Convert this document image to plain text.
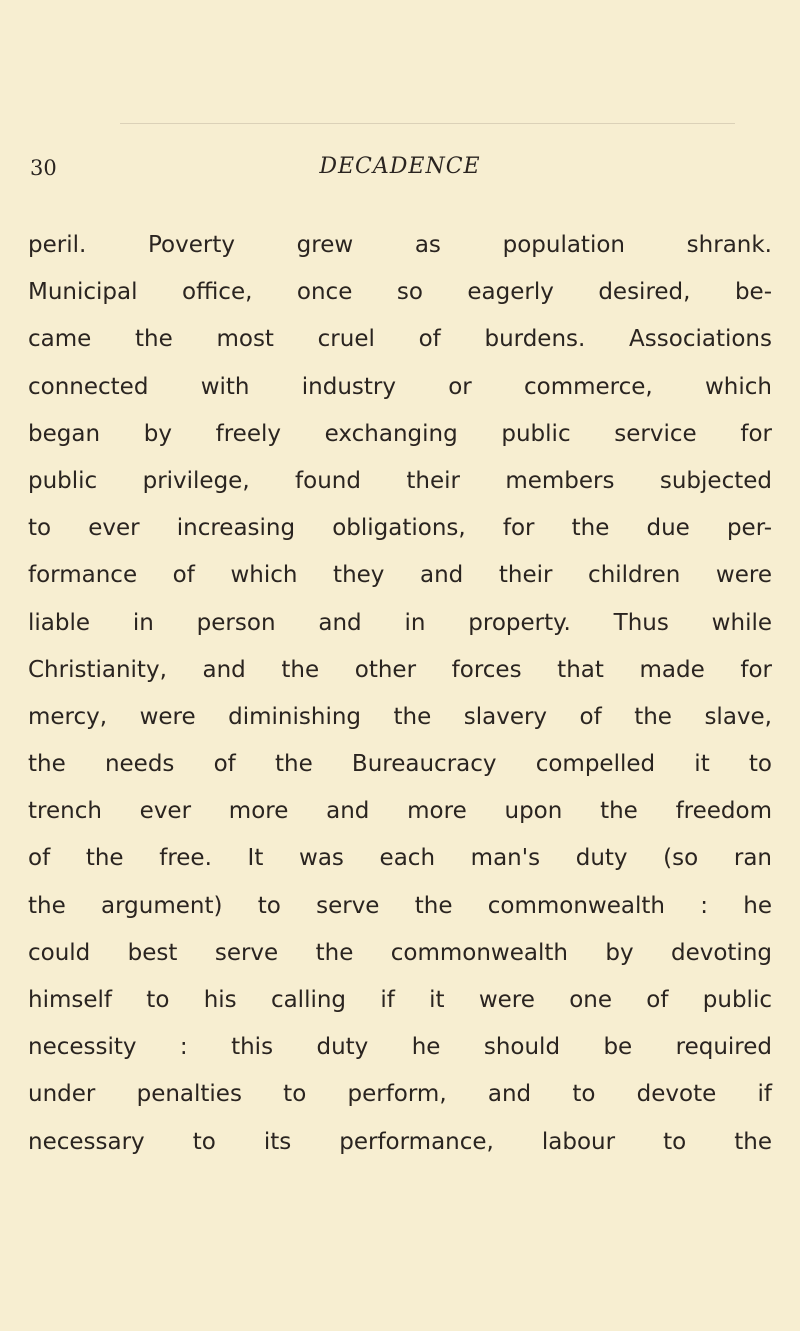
30	DECADENCE
peril. Poverty grew as population shrank.
Municipal office, once so eagerly desired, be-
came the most cruel of burdens. Associations
connected with industry or commerce, which
began by freely exchanging public service for
public privilege, found their members subjected
to ever increasing obligations, for the due per-
formance of which they and their children were
liable in person and in property. Thus while
Christianity, and the other forces that made for
mercy, were diminishing the slavery of the slave,
the needs of the Bureaucracy compelled it to
trench ever more and more upon the freedom
of the free. It was each man's duty (so ran
the argument) to serve the commonwealth : he
could best serve the commonwealth by devoting
himself to his calling if it were one of public
necessity : this duty he should be required
under penalties to perform, and to devote if
necessary to its performance, labour to the
